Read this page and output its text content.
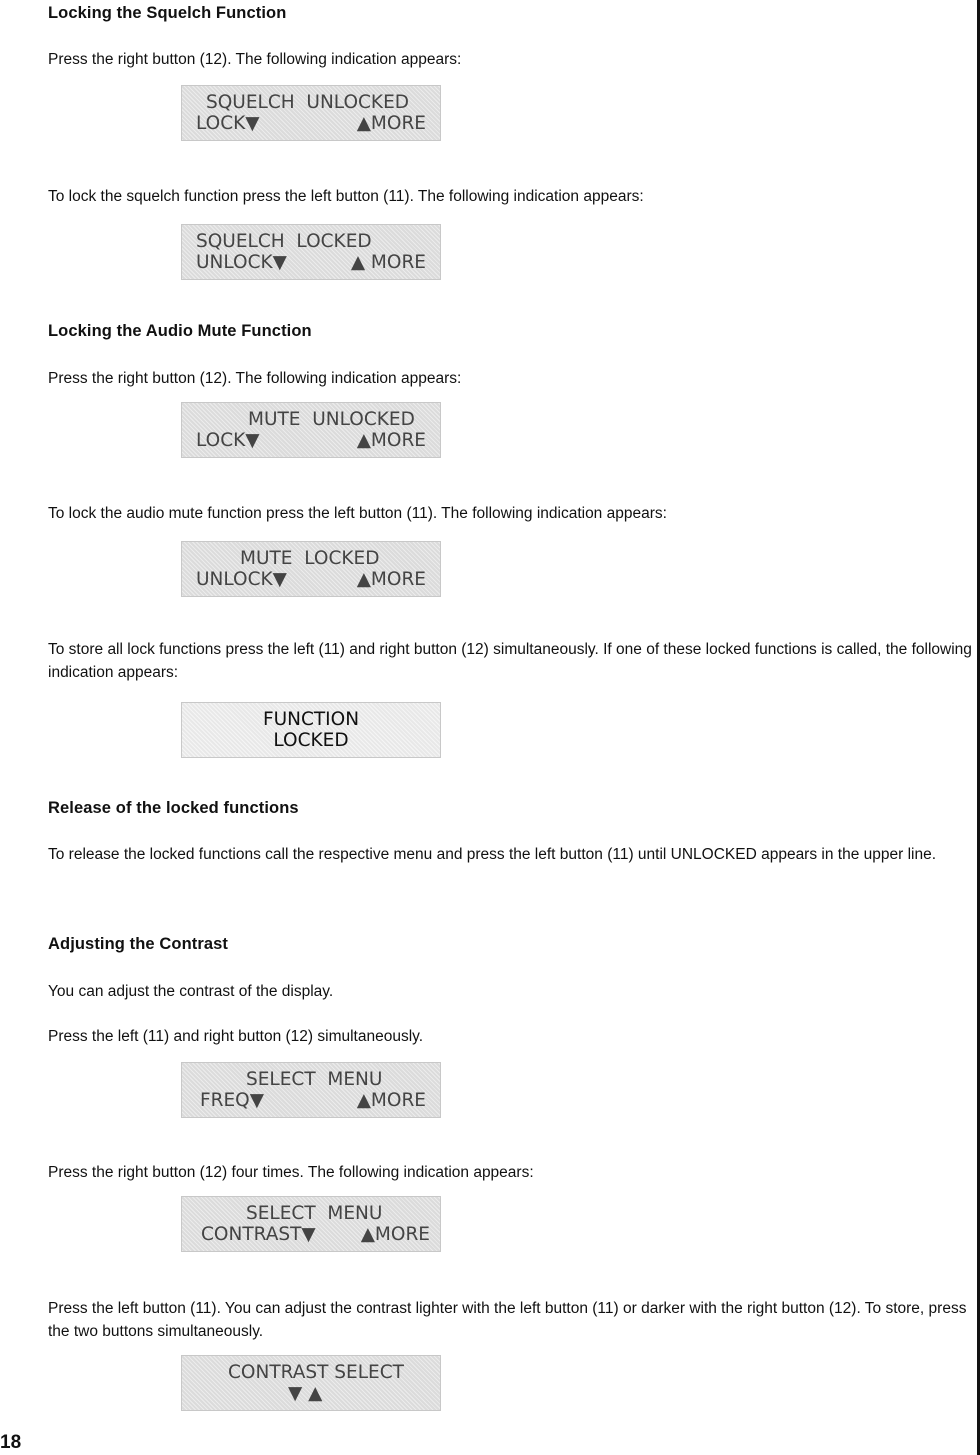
Locking the Squelch Function

Press the right button (12). The following indication appears:

SQUELCH  UNLOCKED
LOCK▼	▲MORE

To lock the squelch function press the left button (11). The following indication appears:

SQUELCH  LOCKED
UNLOCK▼	▲ MORE

Locking the Audio Mute Function

Press the right button (12). The following indication appears:

MUTE  UNLOCKED
LOCK▼	▲MORE

To lock the audio mute function press the left button (11). The following indication appears:

MUTE  LOCKED
UNLOCK▼	▲MORE

To store all lock functions press the left (11) and right button (12) simultaneously. If one of these locked functions is called, the following indication appears:

FUNCTION
LOCKED

Release of the locked functions

To release the locked functions call the respective menu and press the left button (11) until UNLOCKED appears in the upper line.

Adjusting the Contrast

You can adjust the contrast of the display.

Press the left (11) and right button (12) simultaneously.

SELECT  MENU
FREQ▼	▲MORE

Press the right button (12) four times. The following indication appears:

SELECT  MENU
CONTRAST▼ ▲MORE

Press the left button (11). You can adjust the contrast lighter with the left button (11) or darker with the right button (12). To store, press the two buttons simultaneously.

CONTRAST SELECT
▼ ▲

18
